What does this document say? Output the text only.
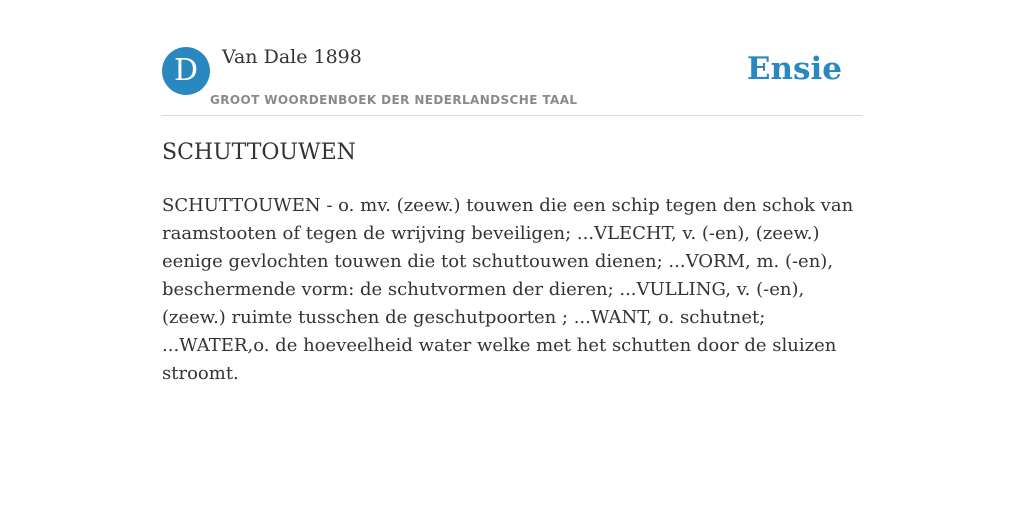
D	Van Dale 1898
GROOT WOORDENBOEK DER NEDERLANDSCHE TAAL
Ensie
SCHUTTOUWEN

SCHUTTOUWEN - o. mv. (zeew.) touwen die een schip tegen den schok van raamstooten of tegen de wrijving beveiligen; ...VLECHT, v. (-en), (zeew.) eenige gevlochten touwen die tot schuttouwen dienen; ...VORM, m. (-en), beschermende vorm: de schutvormen der dieren; ...VULLING, v. (-en), (zeew.) ruimte tusschen de geschutpoorten ; ...WANT, o. schutnet; ...WATER,o. de hoeveelheid water welke met het schutten door de sluizen stroomt.
